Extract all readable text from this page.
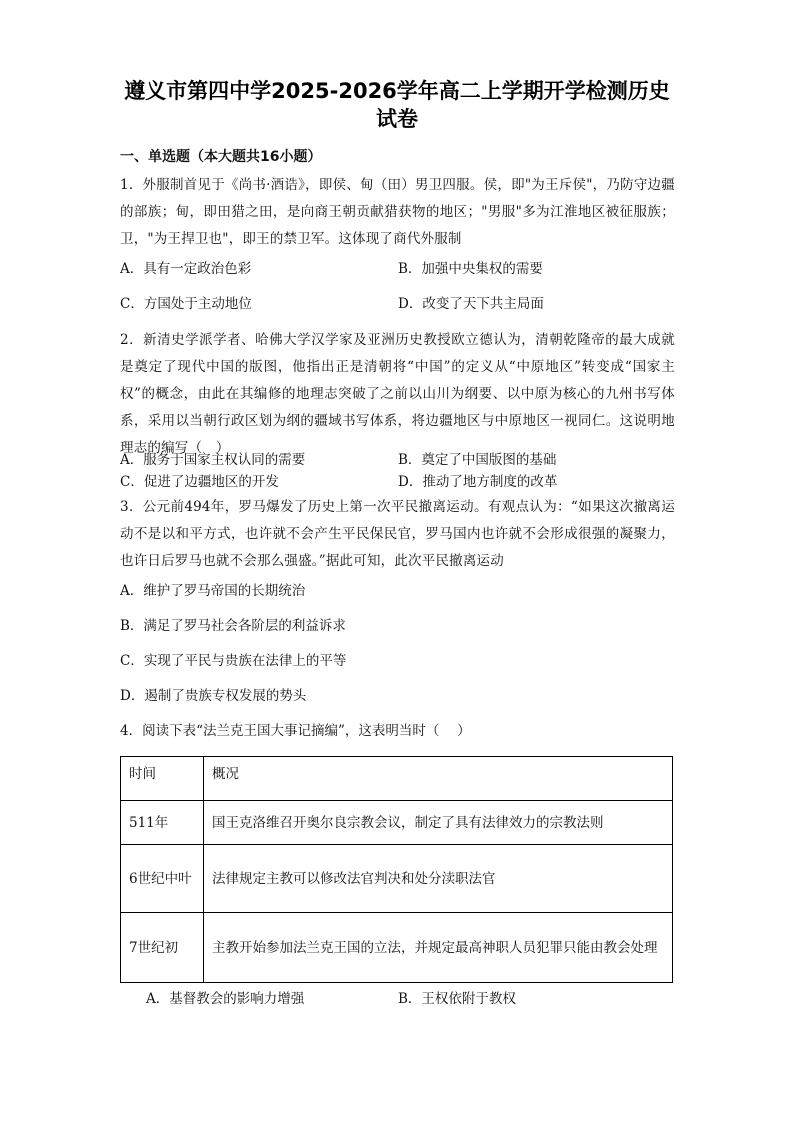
遵义市第四中学2025-2026学年高二上学期开学检测历史
试卷
一、单选题（本大题共16小题）
1．外服制首见于《尚书·酒诰》，即侯、甸（田）男卫四服。侯，即"为王斥侯"，乃防守边疆的部族；甸，即田猎之田，是向商王朝贡献猎获物的地区；"男服"多为江淮地区被征服族；卫，"为王捍卫也"，即王的禁卫军。这体现了商代外服制
A．具有一定政治色彩	B．加强中央集权的需要
C．方国处于主动地位	D．改变了天下共主局面
2．新清史学派学者、哈佛大学汉学家及亚洲历史教授欧立德认为，清朝乾隆帝的最大成就是奠定了现代中国的版图，他指出正是清朝将“中国”的定义从“中原地区”转变成“国家主权”的概念，由此在其编修的地理志突破了之前以山川为纲要、以中原为核心的九州书写体系，采用以当朝行政区划为纲的疆域书写体系，将边疆地区与中原地区一视同仁。这说明地理志的编写（　）
A．服务于国家主权认同的需要	B．奠定了中国版图的基础
C．促进了边疆地区的开发	D．推动了地方制度的改革
3．公元前494年，罗马爆发了历史上第一次平民撤离运动。有观点认为：“如果这次撤离运动不是以和平方式，也许就不会产生平民保民官，罗马国内也许就不会形成很强的凝聚力，也许日后罗马也就不会那么强盛。”据此可知，此次平民撤离运动
A．维护了罗马帝国的长期统治
B．满足了罗马社会各阶层的利益诉求
C．实现了平民与贵族在法律上的平等
D．遏制了贵族专权发展的势头
4．阅读下表“法兰克王国大事记摘编”，这表明当时（　 ）
时间	概况
511年	国王克洛维召开奥尔良宗教会议，制定了具有法律效力的宗教法则
6世纪中叶	法律规定主教可以修改法官判决和处分渎职法官
7世纪初	主教开始参加法兰克王国的立法，并规定最高神职人员犯罪只能由教会处理
A．基督教会的影响力增强	B．王权依附于教权
